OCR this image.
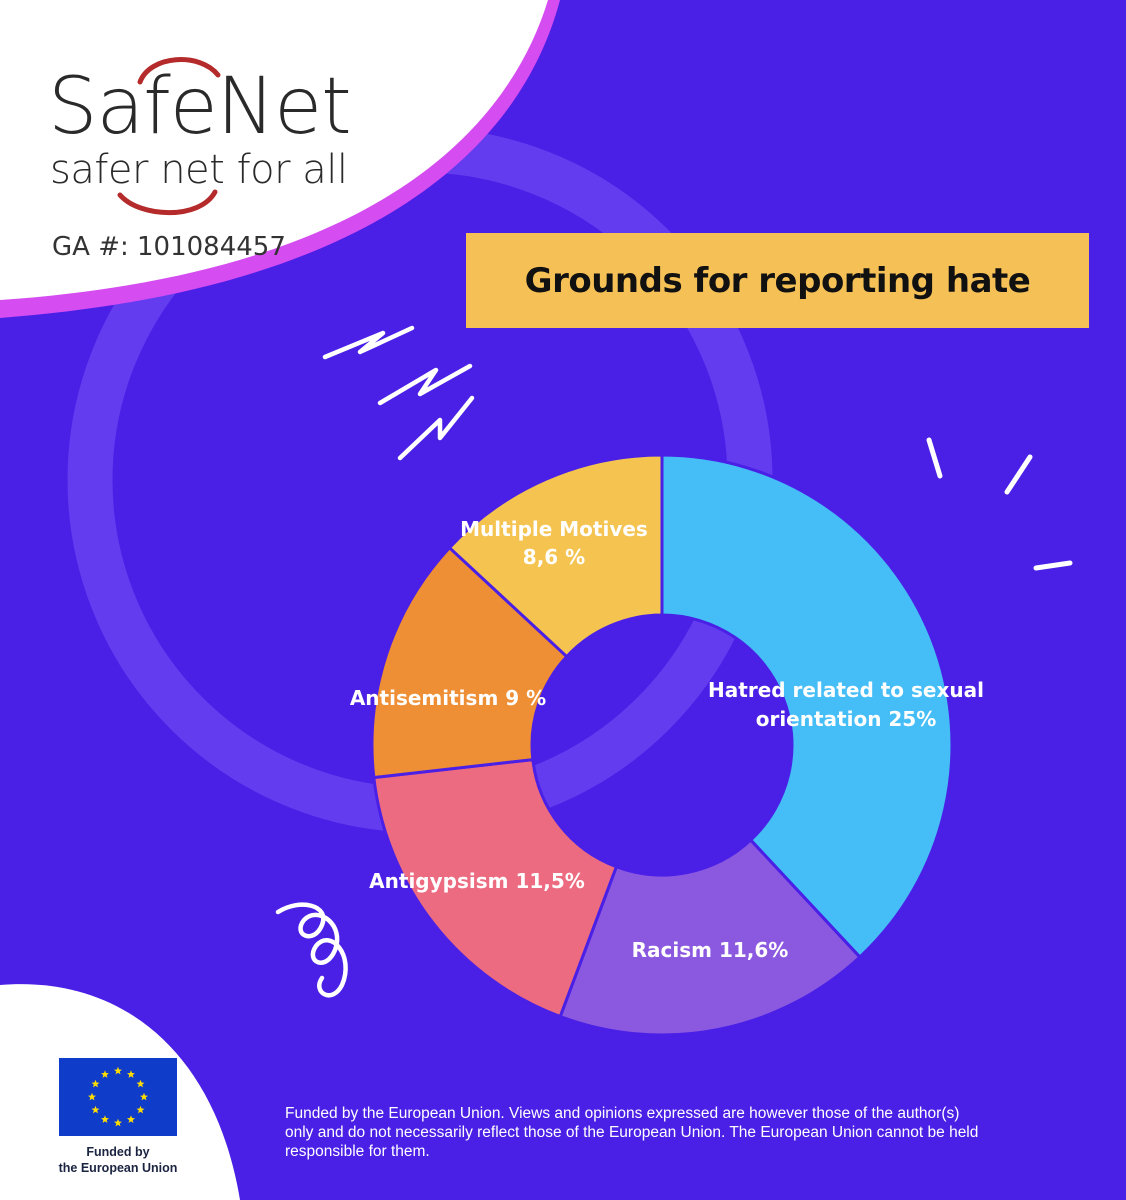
Hatred related to sexual orientation 25%
Racism 11,6%
Antigypsism 11,5%
Antisemitism 9 %
Multiple Motives 8,6 %
SafeNet
safer net for all
GA #: 101084457
Grounds for reporting hate
Funded by the European Union. Views and opinions expressed are however those of the author(s) only and do not necessarily reflect those of the European Union. The European Union cannot be held responsible for them.
Funded by
the European Union
